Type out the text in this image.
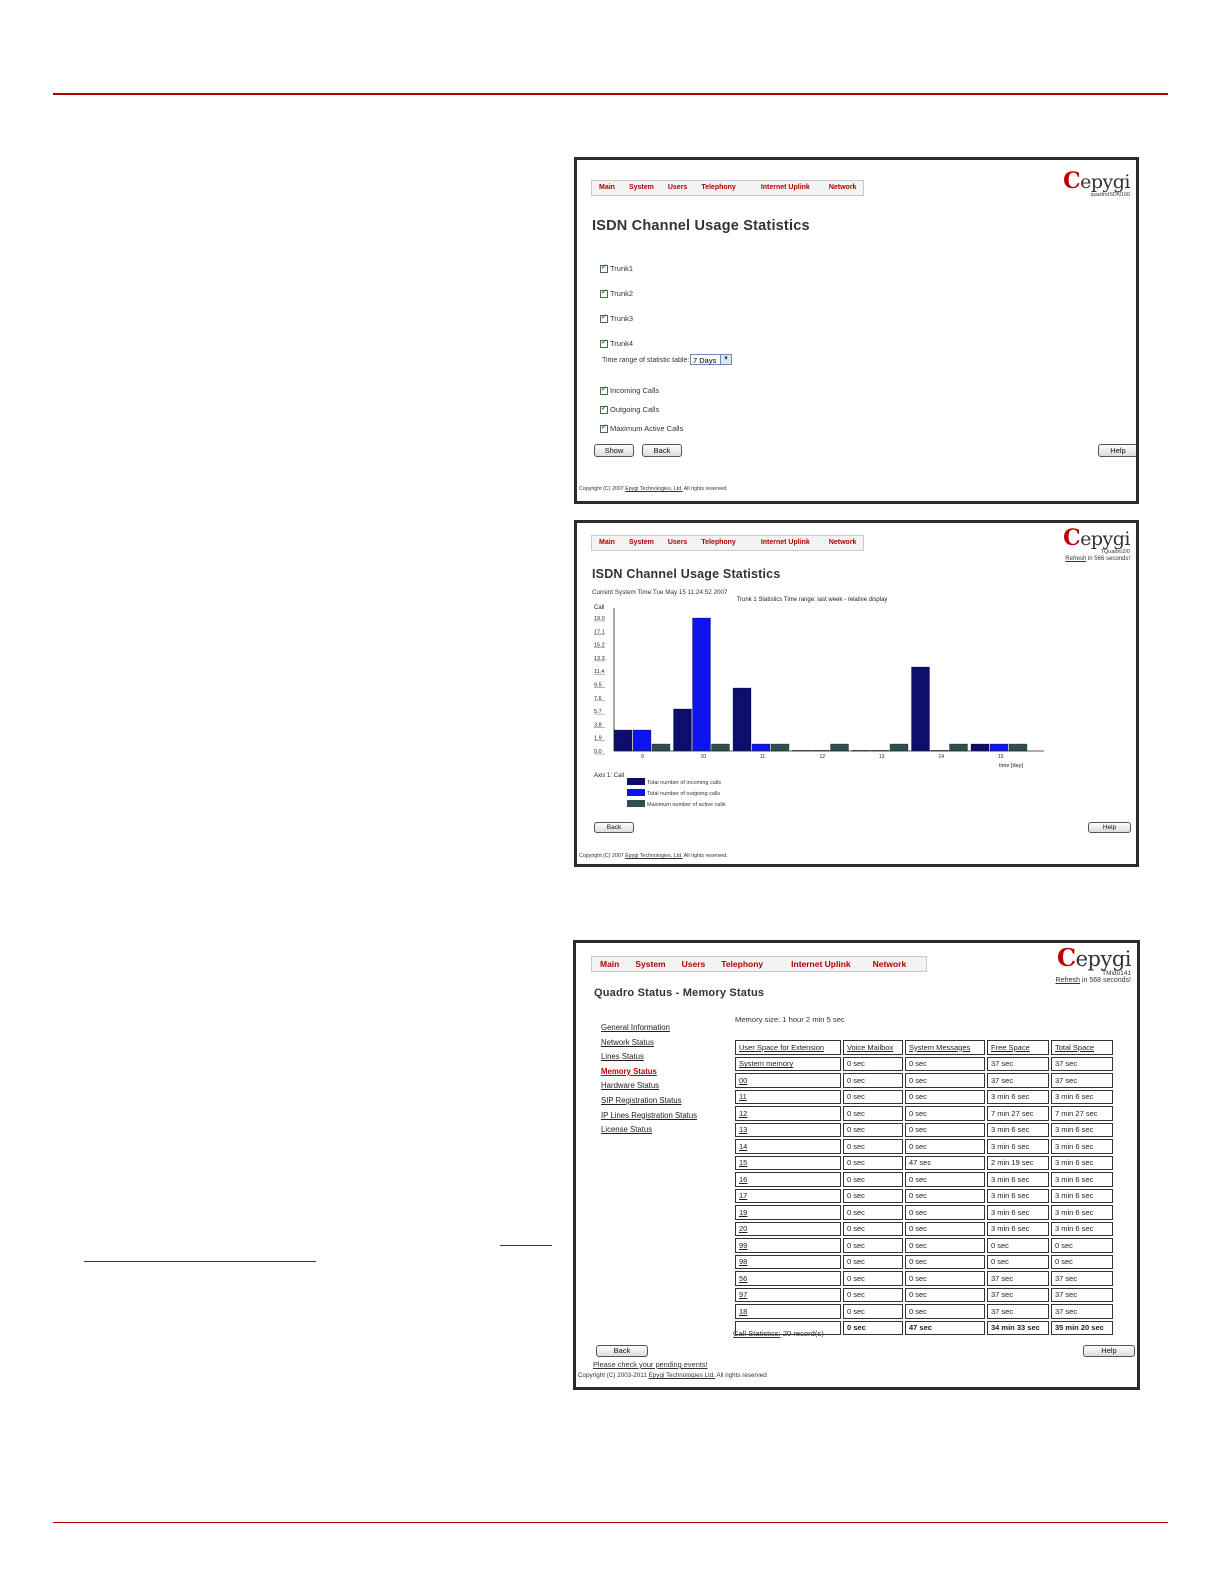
Main	System	Users	Telephony	Internet Uplink	Network	Cepygi
quadroISDN100
ISDN Channel Usage Statistics
✓
Trunk1
✓
Trunk2
✓
Trunk3
✓
Trunk4
Time range of statistic table: 7 Days	▼
✓
Incoming Calls
✓
Outgoing Calls
✓
Maximum Active Calls
Show	Back	Help
Copyright (C) 2007 Epygi Technologies, Ltd. All rights reserved.
Main	System	Users	Telephony	Internet Uplink	Network	Cepygi
TQuadro2/0
Refresh in 566 seconds!
ISDN Channel Usage Statistics
Current System Time:Tue May 15 11:24:52 2007
Trunk 1 Statistics Time range: last week - relative display
Call
time [day]
Axis 1: Call
0.0
1.9
3.8
5.7
7.6
9.5
11.4
13.3
15.2
17.1
19.0
9	10	11	12	13	14	15
Total number of incoming calls
Total number of outgoing calls
Maximum number of active calls
Back	Help
Copyright (C) 2007 Epygi Technologies, Ltd. All rights reserved.
Main	System	Users	Telephony	Internet Uplink	Network	Cepygi
TMido141
Refresh in 568 seconds!
Quadro Status - Memory Status
General Information
Network Status
Lines Status
Memory Status
Hardware Status
SIP Registration Status
IP Lines Registration Status
License Status
Memory size: 1 hour 2 min 5 sec
User Space for Extension	Voice Mailbox	System Messages	Free Space	Total Space
System memory	0 sec	0 sec	37 sec	37 sec
00	0 sec	0 sec	37 sec	37 sec
11	0 sec	0 sec	3 min 6 sec	3 min 6 sec
12	0 sec	0 sec	7 min 27 sec	7 min 27 sec
13	0 sec	0 sec	3 min 6 sec	3 min 6 sec
14	0 sec	0 sec	3 min 6 sec	3 min 6 sec
15	0 sec	47 sec	2 min 19 sec	3 min 6 sec
16	0 sec	0 sec	3 min 6 sec	3 min 6 sec
17	0 sec	0 sec	3 min 6 sec	3 min 6 sec
19	0 sec	0 sec	3 min 6 sec	3 min 6 sec
20	0 sec	0 sec	3 min 6 sec	3 min 6 sec
99	0 sec	0 sec	0 sec	0 sec
98	0 sec	0 sec	0 sec	0 sec
56	0 sec	0 sec	37 sec	37 sec
97	0 sec	0 sec	37 sec	37 sec
18	0 sec	0 sec	37 sec	37 sec
	0 sec	47 sec	34 min 33 sec	35 min 20 sec
Call Statistics: 20 record(s)
Back	Help
Please check your pending events!
Copyright (C) 2003-2011 Epygi Technologies Ltd. All rights reserved
